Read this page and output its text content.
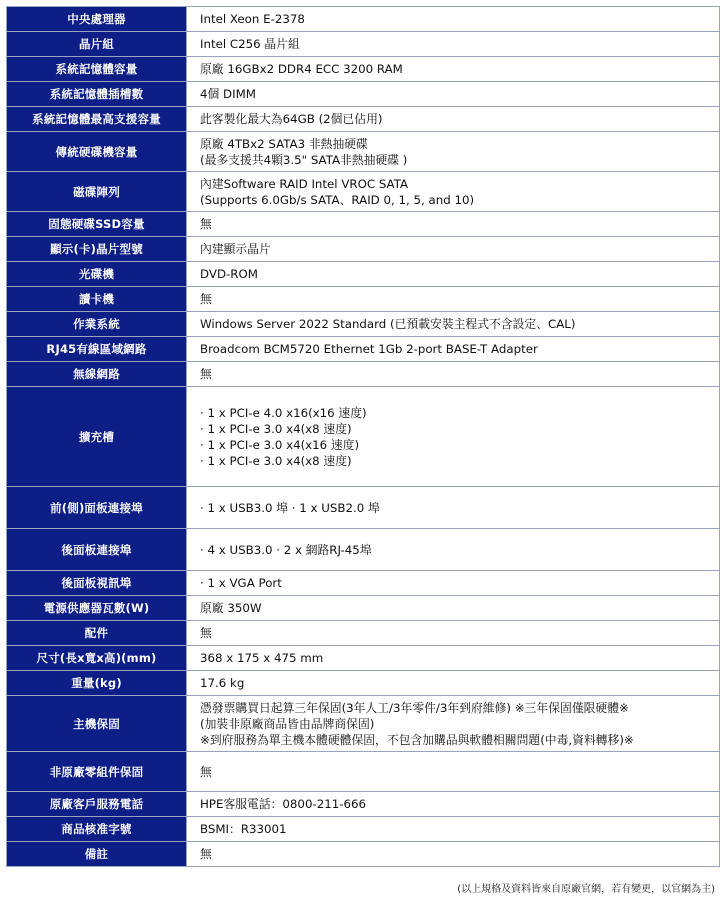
中央處理器	Intel Xeon E-2378

晶片組	Intel C256 晶片組

系統記憶體容量	原廠 16GBx2 DDR4 ECC 3200 RAM

系統記憶體插槽數	4個 DIMM

系統記憶體最高支援容量	此客製化最大為64GB (2個已佔用)

傳統硬碟機容量	原廠 4TBx2 SATA3 非熱抽硬碟
(最多支援共4顆3.5" SATA非熱抽硬碟 )

磁碟陣列	內建Software RAID Intel VROC SATA
(Supports 6.0Gb/s SATA、RAID 0, 1, 5, and 10)

固態硬碟SSD容量	無

顯示(卡)晶片型號	內建顯示晶片

光碟機	DVD-ROM

讀卡機	無

作業系統	Windows Server 2022 Standard (已預載安裝主程式不含設定、CAL)

RJ45有線區域網路	Broadcom BCM5720 Ethernet 1Gb 2-port BASE-T Adapter

無線網路	無

擴充槽	· 1 x PCI-e 4.0 x16(x16 速度)
· 1 x PCI-e 3.0 x4(x8 速度)
· 1 x PCI-e 3.0 x4(x16 速度)
· 1 x PCI-e 3.0 x4(x8 速度)

前(側)面板連接埠	· 1 x USB3.0 埠 · 1 x USB2.0 埠

後面板連接埠	· 4 x USB3.0 · 2 x 網路RJ-45埠

後面板視訊埠	· 1 x VGA Port

電源供應器瓦數(W)	原廠 350W

配件	無

尺寸(長x寬x高)(mm)	368 x 175 x 475 mm

重量(kg)	17.6 kg

主機保固	憑發票購買日起算三年保固(3年人工/3年零件/3年到府維修) ※三年保固僅限硬體※
(加裝非原廠商品皆由品牌商保固)
※到府服務為單主機本體硬體保固，不包含加購品與軟體相關問題(中毒,資料轉移)※

非原廠零組件保固	無

原廠客戶服務電話	HPE客服電話：0800-211-666

商品核准字號	BSMI：R33001

備註	無
(以上規格及資料皆來自原廠官網，若有變更，以官網為主)
